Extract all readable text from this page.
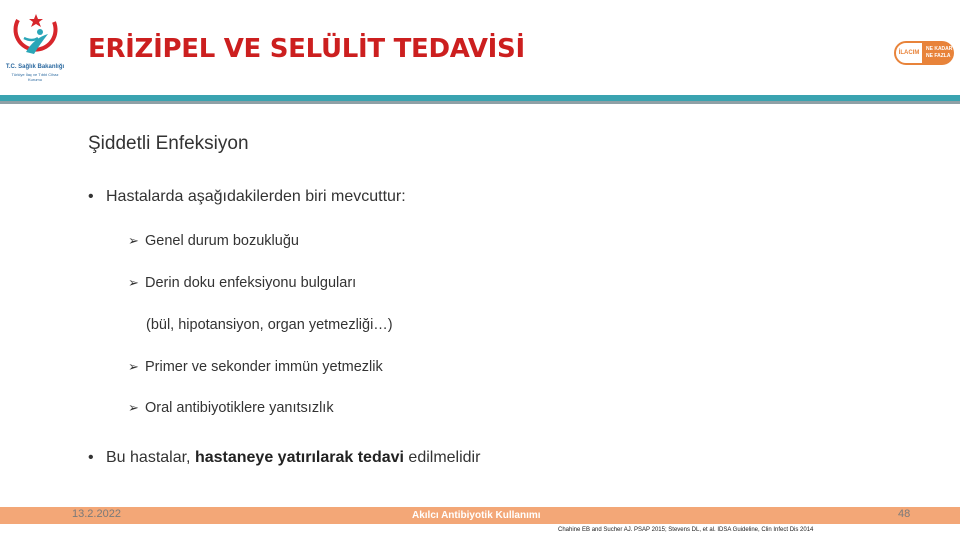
T.C. Sağlık Bakanlığı
Türkiye İlaç ve Tıbbi Cihaz Kurumu
ERİZİPEL VE SELÜLİT TEDAVİSİ	İLACIM
NE KADAR
NE FAZLA
Şiddetli Enfeksiyon
• Hastalarda aşağıdakilerden biri mevcuttur:
➢ Genel durum bozukluğu
➢ Derin doku enfeksiyonu bulguları
(bül, hipotansiyon, organ yetmezliği…)
➢ Primer ve sekonder immün yetmezlik
➢ Oral antibiyotiklere yanıtsızlık
• Bu hastalar, hastaneye yatırılarak tedavi edilmelidir
13.2.2022	Akılcı Antibiyotik Kullanımı	48
Chahine EB and Sucher AJ. PSAP 2015; Stevens DL, et al. IDSA Guideline, Clin Infect Dis 2014
